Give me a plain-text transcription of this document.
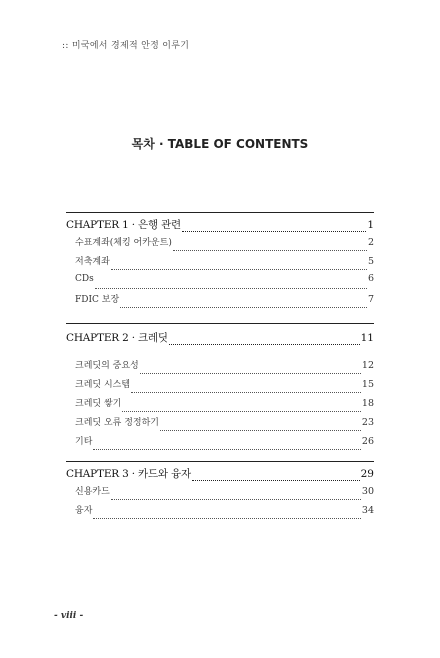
:: 미국에서 경제적 안정 이루기
목차 · TABLE OF CONTENTS
CHAPTER 1 · 은행 관련	1
수표계좌(체킹 어카운트)	2
저축계좌	5
CDs	6
FDIC 보장	7
CHAPTER 2 · 크레딧	11
크레딧의 중요성	12
크레딧 시스템	15
크레딧 쌓기	18
크레딧 오류 정정하기	23
기타	26
CHAPTER 3 · 카드와 융자	29
신용카드	30
융자	34
- viii -
